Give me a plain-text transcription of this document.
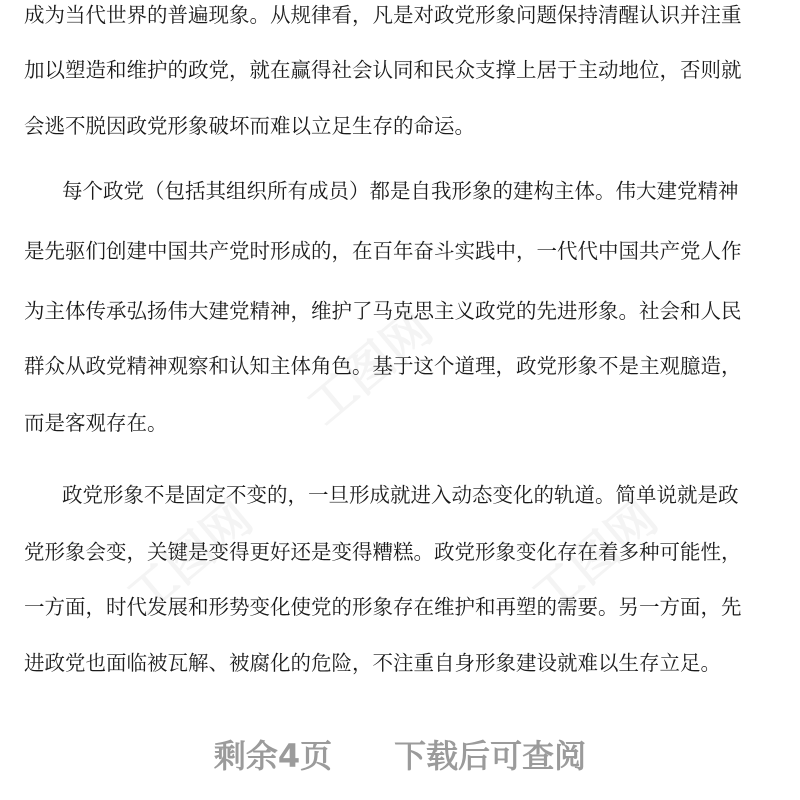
工图网
工图网	工图网
成为当代世界的普遍现象。从规律看，凡是对政党形象问题保持清醒认识并注重
加以塑造和维护的政党，就在赢得社会认同和民众支撑上居于主动地位，否则就
会逃不脱因政党形象破坏而难以立足生存的命运。
每个政党（包括其组织所有成员）都是自我形象的建构主体。伟大建党精神
是先驱们创建中国共产党时形成的，在百年奋斗实践中，一代代中国共产党人作
为主体传承弘扬伟大建党精神，维护了马克思主义政党的先进形象。社会和人民
群众从政党精神观察和认知主体角色。基于这个道理，政党形象不是主观臆造，
而是客观存在。
政党形象不是固定不变的，一旦形成就进入动态变化的轨道。简单说就是政
党形象会变，关键是变得更好还是变得糟糕。政党形象变化存在着多种可能性，
一方面，时代发展和形势变化使党的形象存在维护和再塑的需要。另一方面，先
进政党也面临被瓦解、被腐化的危险，不注重自身形象建设就难以生存立足。
剩余4页 下载后可查阅
